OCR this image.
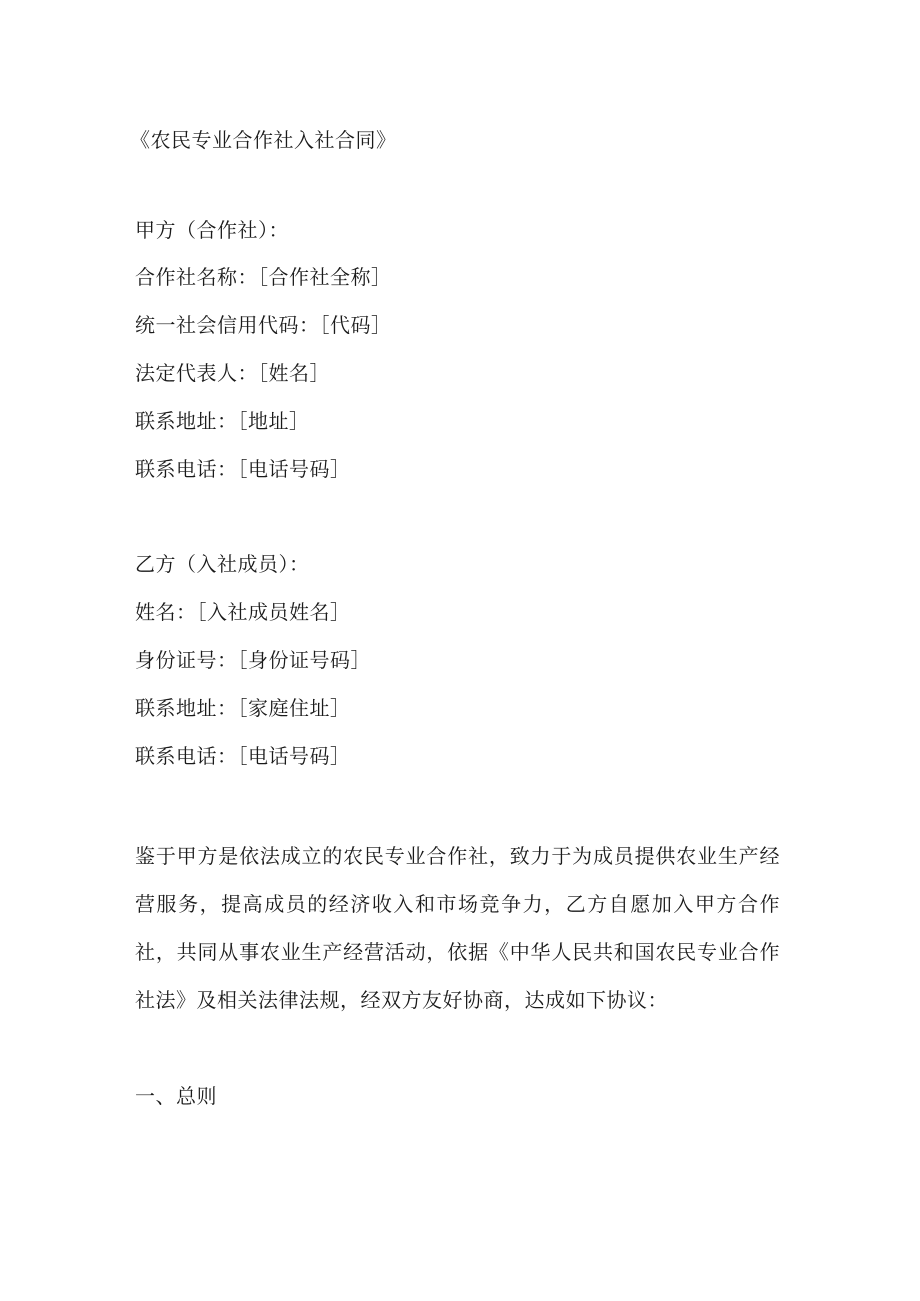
《农民专业合作社入社合同》
甲方（合作社）：
合作社名称：［合作社全称］
统一社会信用代码：［代码］
法定代表人：［姓名］
联系地址：［地址］
联系电话：［电话号码］
乙方（入社成员）：
姓名：［入社成员姓名］
身份证号：［身份证号码］
联系地址：［家庭住址］
联系电话：［电话号码］
鉴于甲方是依法成立的农民专业合作社，致力于为成员提供农业生产经营服务，提高成员的经济收入和市场竞争力，乙方自愿加入甲方合作社，共同从事农业生产经营活动，依据《中华人民共和国农民专业合作社法》及相关法律法规，经双方友好协商，达成如下协议：
一、总则
